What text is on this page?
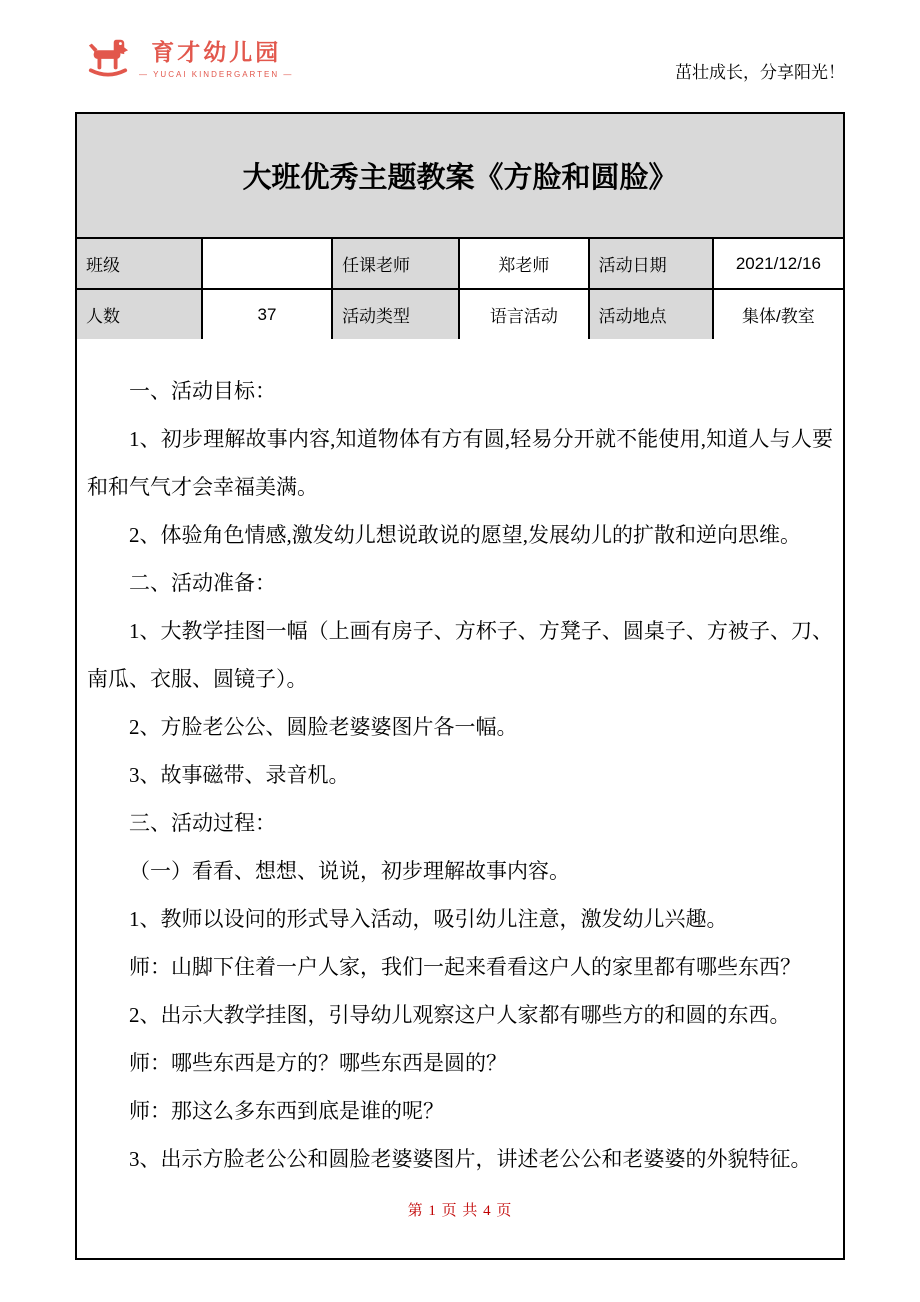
育才幼儿园
— YUCAI KINDERGARTEN —	茁壮成长，分享阳光！
大班优秀主题教案《方脸和圆脸》
班级		任课老师	郑老师	活动日期	2021/12/16
人数	37	活动类型	语言活动	活动地点	集体/教室

一、活动目标：

1、初步理解故事内容,知道物体有方有圆,轻易分开就不能使用,知道人与人要和和气气才会幸福美满。

2、体验角色情感,激发幼儿想说敢说的愿望,发展幼儿的扩散和逆向思维。

二、活动准备：

1、大教学挂图一幅（上画有房子、方杯子、方凳子、圆桌子、方被子、刀、南瓜、衣服、圆镜子）。

2、方脸老公公、圆脸老婆婆图片各一幅。

3、故事磁带、录音机。

三、活动过程：

（一）看看、想想、说说，初步理解故事内容。

1、教师以设问的形式导入活动，吸引幼儿注意，激发幼儿兴趣。

师：山脚下住着一户人家，我们一起来看看这户人的家里都有哪些东西？

2、出示大教学挂图，引导幼儿观察这户人家都有哪些方的和圆的东西。

师：哪些东西是方的？哪些东西是圆的？

师：那这么多东西到底是谁的呢？

3、出示方脸老公公和圆脸老婆婆图片，讲述老公公和老婆婆的外貌特征。

第 1 页 共 4 页
